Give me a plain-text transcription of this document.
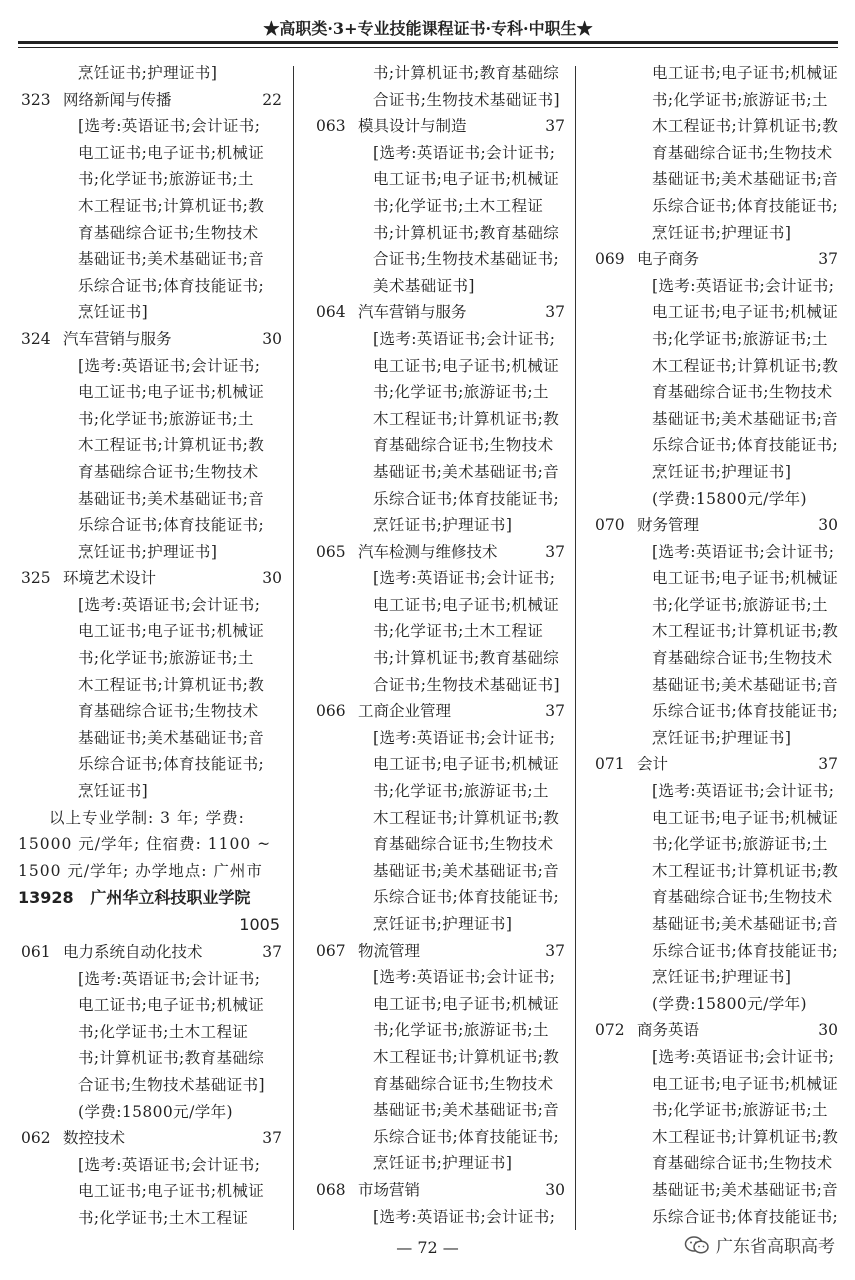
★高职类·3+专业技能课程证书·专科·中职生★
烹饪证书;护理证书]
323 网络新闻与传播	22
[选考:英语证书;会计证书;
电工证书;电子证书;机械证
书;化学证书;旅游证书;土
木工程证书;计算机证书;教
育基础综合证书;生物技术
基础证书;美术基础证书;音
乐综合证书;体育技能证书;
烹饪证书]
324 汽车营销与服务	30
[选考:英语证书;会计证书;
电工证书;电子证书;机械证
书;化学证书;旅游证书;土
木工程证书;计算机证书;教
育基础综合证书;生物技术
基础证书;美术基础证书;音
乐综合证书;体育技能证书;
烹饪证书;护理证书]
325 环境艺术设计	30
[选考:英语证书;会计证书;
电工证书;电子证书;机械证
书;化学证书;旅游证书;土
木工程证书;计算机证书;教
育基础综合证书;生物技术
基础证书;美术基础证书;音
乐综合证书;体育技能证书;
烹饪证书]
以上专业学制: 3 年; 学费:
15000 元/学年; 住宿费: 1100 ~
1500 元/学年; 办学地点: 广州市
13928 广州华立科技职业学院
1005
061 电力系统自动化技术	37
[选考:英语证书;会计证书;
电工证书;电子证书;机械证
书;化学证书;土木工程证
书;计算机证书;教育基础综
合证书;生物技术基础证书]
(学费:15800元/学年)
062 数控技术	37
[选考:英语证书;会计证书;
电工证书;电子证书;机械证
书;化学证书;土木工程证
书;计算机证书;教育基础综
合证书;生物技术基础证书]
063 模具设计与制造	37
[选考:英语证书;会计证书;
电工证书;电子证书;机械证
书;化学证书;土木工程证
书;计算机证书;教育基础综
合证书;生物技术基础证书;
美术基础证书]
064 汽车营销与服务	37
[选考:英语证书;会计证书;
电工证书;电子证书;机械证
书;化学证书;旅游证书;土
木工程证书;计算机证书;教
育基础综合证书;生物技术
基础证书;美术基础证书;音
乐综合证书;体育技能证书;
烹饪证书;护理证书]
065 汽车检测与维修技术	37
[选考:英语证书;会计证书;
电工证书;电子证书;机械证
书;化学证书;土木工程证
书;计算机证书;教育基础综
合证书;生物技术基础证书]
066 工商企业管理	37
[选考:英语证书;会计证书;
电工证书;电子证书;机械证
书;化学证书;旅游证书;土
木工程证书;计算机证书;教
育基础综合证书;生物技术
基础证书;美术基础证书;音
乐综合证书;体育技能证书;
烹饪证书;护理证书]
067 物流管理	37
[选考:英语证书;会计证书;
电工证书;电子证书;机械证
书;化学证书;旅游证书;土
木工程证书;计算机证书;教
育基础综合证书;生物技术
基础证书;美术基础证书;音
乐综合证书;体育技能证书;
烹饪证书;护理证书]
068 市场营销	30
[选考:英语证书;会计证书;
电工证书;电子证书;机械证
书;化学证书;旅游证书;土
木工程证书;计算机证书;教
育基础综合证书;生物技术
基础证书;美术基础证书;音
乐综合证书;体育技能证书;
烹饪证书;护理证书]
069 电子商务	37
[选考:英语证书;会计证书;
电工证书;电子证书;机械证
书;化学证书;旅游证书;土
木工程证书;计算机证书;教
育基础综合证书;生物技术
基础证书;美术基础证书;音
乐综合证书;体育技能证书;
烹饪证书;护理证书]
(学费:15800元/学年)
070 财务管理	30
[选考:英语证书;会计证书;
电工证书;电子证书;机械证
书;化学证书;旅游证书;土
木工程证书;计算机证书;教
育基础综合证书;生物技术
基础证书;美术基础证书;音
乐综合证书;体育技能证书;
烹饪证书;护理证书]
071 会计	37
[选考:英语证书;会计证书;
电工证书;电子证书;机械证
书;化学证书;旅游证书;土
木工程证书;计算机证书;教
育基础综合证书;生物技术
基础证书;美术基础证书;音
乐综合证书;体育技能证书;
烹饪证书;护理证书]
(学费:15800元/学年)
072 商务英语	30
[选考:英语证书;会计证书;
电工证书;电子证书;机械证
书;化学证书;旅游证书;土
木工程证书;计算机证书;教
育基础综合证书;生物技术
基础证书;美术基础证书;音
乐综合证书;体育技能证书;
— 72 —	广东省高职高考
